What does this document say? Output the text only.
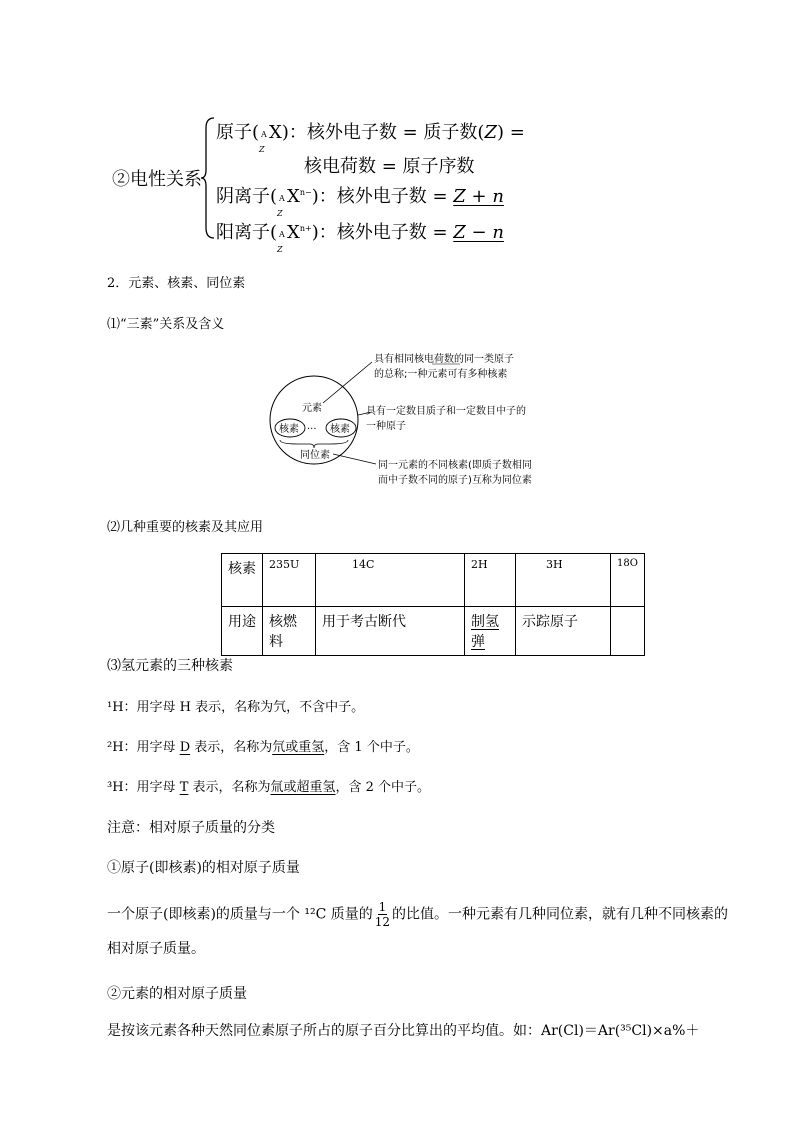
②电性关系
原子( A
Z
X)：核外电子数 = 质子数(Z) =
核电荷数 = 原子序数
阴离子( A
Z
$X^{n-}$)：核外电子数 = Z + n
阳离子( A
Z
$X^{n+}$)：核外电子数 = Z − n
2．元素、核素、同位素
⑴“三素”关系及含义
元素
核素 ··· 核素
同位素
具有相同核电荷数的同一类原子
的总称;一种元素可有多种核素
具有一定数目质子和一定数目中子的
一种原子
同一元素的不同核素(即质子数相同
而中子数不同的原子)互称为同位素
⑵几种重要的核素及其应用
核素	235U	14C	2H	3H	18O
用途	核燃料	用于考古断代	制氢弹	示踪原子	
⑶氢元素的三种核素
¹H：用字母 H 表示，名称为氕，不含中子。
²H：用字母 D 表示，名称为氘或重氢，含 1 个中子。
³H：用字母 T 表示，名称为氚或超重氢，含 2 个中子。
注意：相对原子质量的分类
①原子(即核素)的相对原子质量
一个原子(即核素)的质量与一个 ¹²C 质量的 $\frac{1}{12}$ 的比值。一种元素有几种同位素，就有几种不同核素的
相对原子质量。
②元素的相对原子质量
是按该元素各种天然同位素原子所占的原子百分比算出的平均值。如：Ar(Cl)＝Ar(³⁵Cl)×a%＋
